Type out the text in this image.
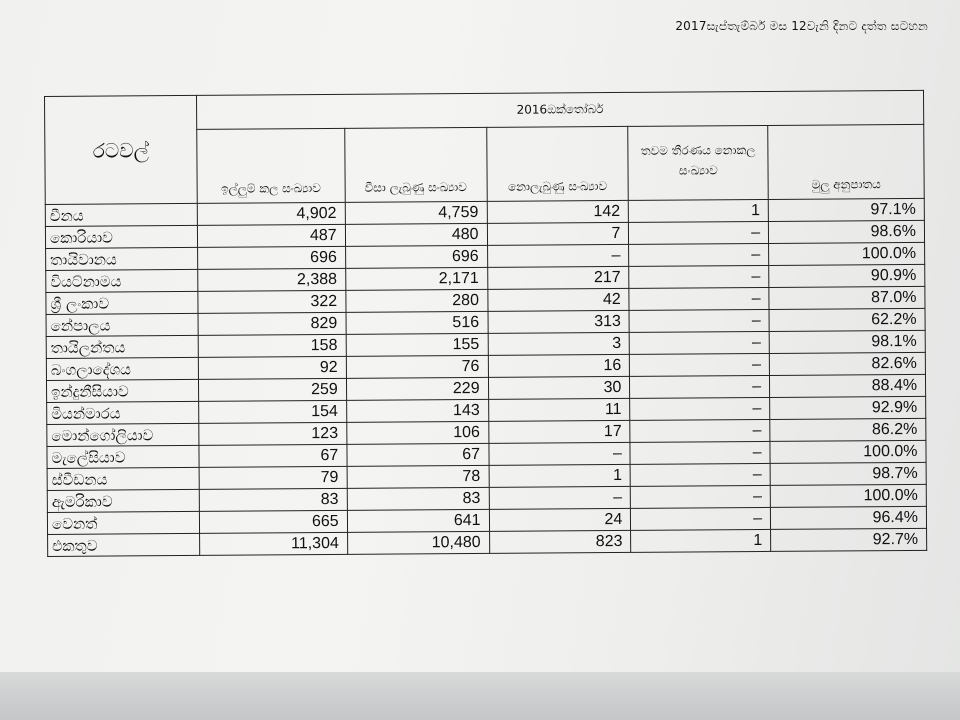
2017සැප්තැම්බර් මස 12වැනි දිනට දත්ත සටහන
රටවල්	2016ඔක්තෝබර්				
	ඉල්ලුම් කල සංඛ්‍යාව	වීසා ලැබුණු සංඛ්‍යාව	නොලැබුණු සංඛ්‍යාව	තවම තීරණය නොකල සංඛ්‍යාව	මුලු අනුපාතය
චීනය	4,902	4,759	142	1	97.1%
කොරියාව	487	480	7	–	98.6%
තායිවානය	696	696	–	–	100.0%
වියට්නාමය	2,388	2,171	217	–	90.9%
ශ්‍රී ලංකාව	322	280	42	–	87.0%
නේපාලය	829	516	313	–	62.2%
තායිලන්තය	158	155	3	–	98.1%
බංගලාදේශය	92	76	16	–	82.6%
ඉන්දුනීසියාව	259	229	30	–	88.4%
මියන්මාරය	154	143	11	–	92.9%
මොන්ගෝලියාව	123	106	17	–	86.2%
මැලේසියාව	67	67	–	–	100.0%
ස්වීඩනය	79	78	1	–	98.7%
ඇමරිකාව	83	83	–	–	100.0%
වෙනත්	665	641	24	–	96.4%
එකතුව	11,304	10,480	823	1	92.7%
